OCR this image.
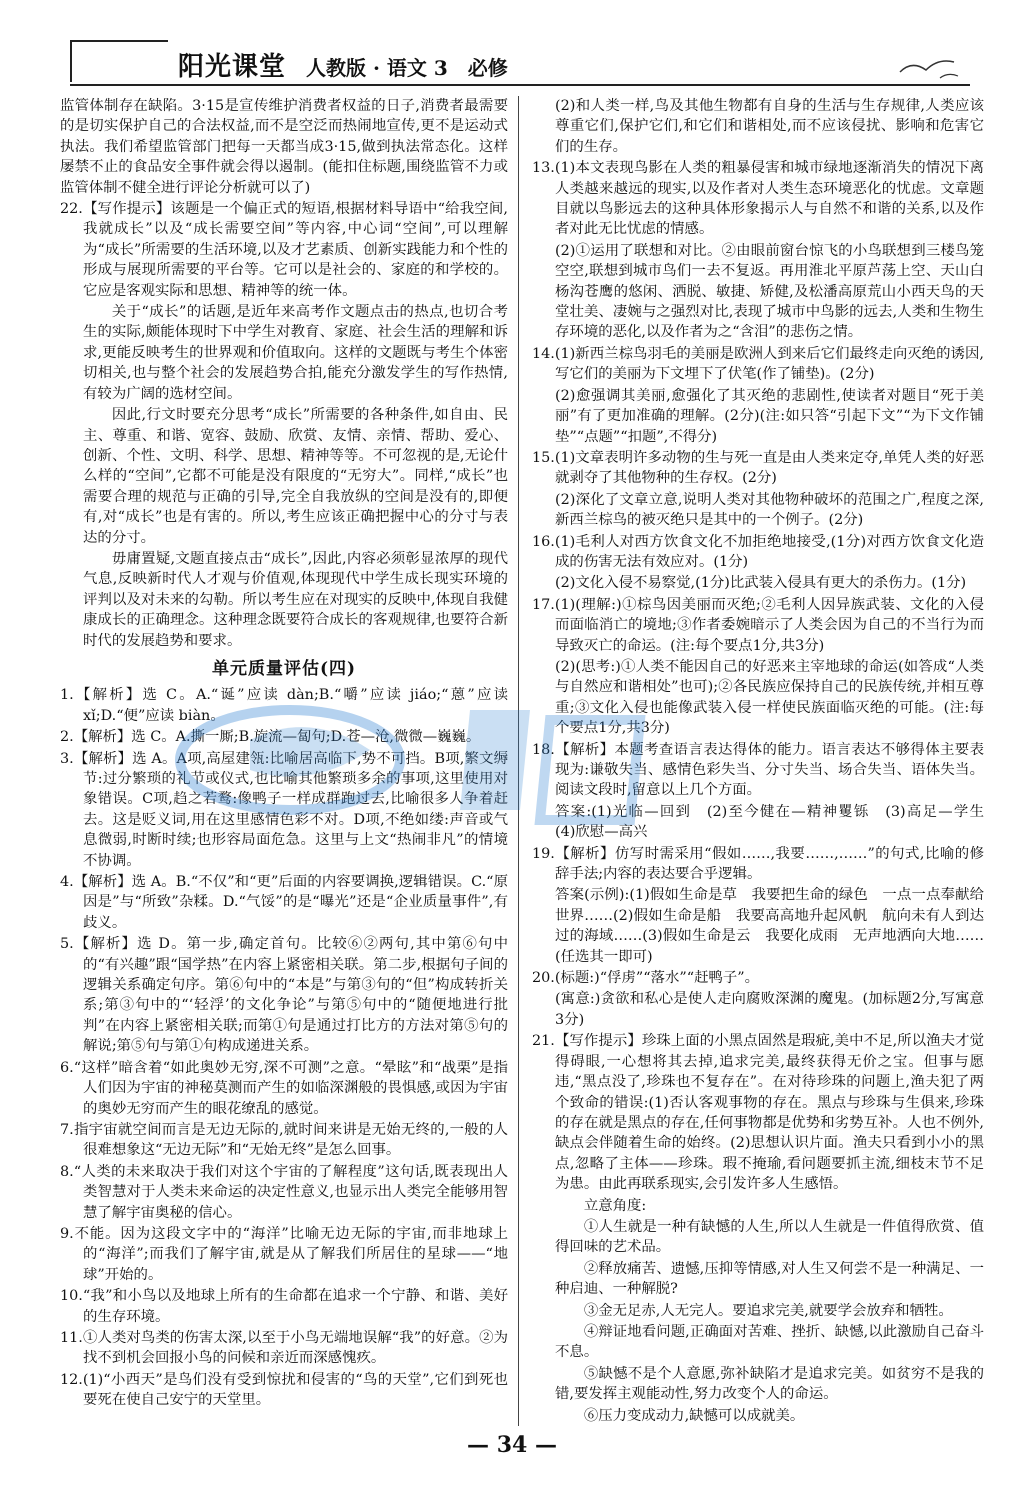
阳光课堂 人教版 · 语文 3　必修
监管体制存在缺陷。3·15是宣传维护消费者权益的日子,消费者最需要的是切实保护自己的合法权益,而不是空泛而热闹地宣传,更不是运动式执法。我们希望监管部门把每一天都当成3·15,做到执法常态化。这样屡禁不止的食品安全事件就会得以遏制。(能扣住标题,围绕监管不力或监管体制不健全进行评论分析就可以了)
22.【写作提示】该题是一个偏正式的短语,根据材料导语中“给我空间,我就成长”以及“成长需要空间”等内容,中心词“空间”,可以理解为“成长”所需要的生活环境,以及才艺素质、创新实践能力和个性的形成与展现所需要的平台等。它可以是社会的、家庭的和学校的。它应是客观实际和思想、精神等的统一体。
关于“成长”的话题,是近年来高考作文题点击的热点,也切合考生的实际,颇能体现时下中学生对教育、家庭、社会生活的理解和诉求,更能反映考生的世界观和价值取向。这样的文题既与考生个体密切相关,也与整个社会的发展趋势合拍,能充分激发学生的写作热情,有较为广阔的选材空间。
因此,行文时要充分思考“成长”所需要的各种条件,如自由、民主、尊重、和谐、宽容、鼓励、欣赏、友情、亲情、帮助、爱心、创新、个性、文明、科学、思想、精神等等。不可忽视的是,无论什么样的“空间”,它都不可能是没有限度的“无穷大”。同样,“成长”也需要合理的规范与正确的引导,完全自我放纵的空间是没有的,即便有,对“成长”也是有害的。所以,考生应该正确把握中心的分寸与表达的分寸。
毋庸置疑,文题直接点击“成长”,因此,内容必须彰显浓厚的现代气息,反映新时代人才观与价值观,体现现代中学生成长现实环境的评判以及对未来的勾勒。所以考生应在对现实的反映中,体现自我健康成长的正确理念。这种理念既要符合成长的客观规律,也要符合新时代的发展趋势和要求。
单元质量评估(四)
1.【解析】选 C。A.“诞”应读 dàn;B.“嚼”应读 jiáo;“蒽”应读 xǐ;D.“便”应读 biàn。
2.【解析】选 C。A.撕一厮;B.旋流—匐句;D.苍—沧,微微—巍巍。
3.【解析】选 A。A项,高屋建瓴:比喻居高临下,势不可挡。B项,繁文缛节:过分繁琐的礼节或仪式,也比喻其他繁琐多余的事项,这里使用对象错误。C项,趋之若鹜:像鸭子一样成群跑过去,比喻很多人争着赶去。这是贬义词,用在这里感情色彩不对。D项,不绝如缕:声音或气息微弱,时断时续;也形容局面危急。这里与上文“热闹非凡”的情境不协调。
4.【解析】选 A。B.“不仅”和“更”后面的内容要调换,逻辑错误。C.“原因是”与“所致”杂糅。D.“气馁”的是“曝光”还是“企业质量事件”,有歧义。
5.【解析】选 D。第一步,确定首句。比较⑥②两句,其中第⑥句中的“有兴趣”跟“国学热”在内容上紧密相关联。第二步,根据句子间的逻辑关系确定句序。第⑥句中的“本是”与第③句的“但”构成转折关系;第③句中的“‘轻浮’的文化争论”与第⑤句中的“随便地进行批判”在内容上紧密相关联;而第①句是通过打比方的方法对第⑤句的解说;第⑤句与第①句构成递进关系。
6.“这样”暗含着“如此奥妙无穷,深不可测”之意。“晕眩”和“战栗”是指人们因为宇宙的神秘莫测而产生的如临深渊般的畏惧感,或因为宇宙的奥妙无穷而产生的眼花缭乱的感觉。
7.指宇宙就空间而言是无边无际的,就时间来讲是无始无终的,一般的人很难想象这“无边无际”和“无始无终”是怎么回事。
8.“人类的未来取决于我们对这个宇宙的了解程度”这句话,既表现出人类智慧对于人类未来命运的决定性意义,也显示出人类完全能够用智慧了解宇宙奥秘的信心。
9.不能。因为这段文字中的“海洋”比喻无边无际的宇宙,而非地球上的“海洋”;而我们了解宇宙,就是从了解我们所居住的星球——“地球”开始的。
10.“我”和小鸟以及地球上所有的生命都在追求一个宁静、和谐、美好的生存环境。
11.①人类对鸟类的伤害太深,以至于小鸟无端地误解“我”的好意。②为找不到机会回报小鸟的问候和亲近而深感愧疚。
12.(1)“小西天”是鸟们没有受到惊扰和侵害的“鸟的天堂”,它们到死也要死在使自己安宁的天堂里。
(2)和人类一样,鸟及其他生物都有自身的生活与生存规律,人类应该尊重它们,保护它们,和它们和谐相处,而不应该侵扰、影响和危害它们的生存。
13.(1)本文表现鸟影在人类的粗暴侵害和城市绿地逐渐消失的情况下离人类越来越远的现实,以及作者对人类生态环境恶化的忧虑。文章题目就以鸟影远去的这种具体形象揭示人与自然不和谐的关系,以及作者对此无比忧虑的情感。
(2)①运用了联想和对比。②由眼前窗台惊飞的小鸟联想到三楼鸟笼空空,联想到城市鸟们一去不复返。再用淮北平原芦荡上空、天山白杨沟苍鹰的悠闲、洒脱、敏捷、矫健,及松潘高原荒山小西天鸟的天堂壮美、凄婉与之强烈对比,表现了城市中鸟影的远去,人类和生物生存环境的恶化,以及作者为之“含泪”的悲伤之情。
14.(1)新西兰棕鸟羽毛的美丽是欧洲人到来后它们最终走向灭绝的诱因,写它们的美丽为下文埋下了伏笔(作了铺垫)。(2分)
(2)愈强调其美丽,愈强化了其灭绝的悲剧性,使读者对题目“死于美丽”有了更加准确的理解。(2分)(注:如只答“引起下文”“为下文作铺垫”“点题”“扣题”,不得分)
15.(1)文章表明许多动物的生与死一直是由人类来定夺,单凭人类的好恶就剥夺了其他物种的生存权。(2分)
(2)深化了文章立意,说明人类对其他物种破坏的范围之广,程度之深,新西兰棕鸟的被灭绝只是其中的一个例子。(2分)
16.(1)毛利人对西方饮食文化不加拒绝地接受,(1分)对西方饮食文化造成的伤害无法有效应对。(1分)
(2)文化入侵不易察觉,(1分)比武装入侵具有更大的杀伤力。(1分)
17.(1)(理解:)①棕鸟因美丽而灭绝;②毛利人因异族武装、文化的入侵而面临消亡的境地;③作者委婉暗示了人类会因为自己的不当行为而导致灭亡的命运。(注:每个要点1分,共3分)
(2)(思考:)①人类不能因自己的好恶来主宰地球的命运(如答成“人类与自然应和谐相处”也可);②各民族应保持自己的民族传统,并相互尊重;③文化入侵也能像武装入侵一样使民族面临灭绝的可能。(注:每个要点1分,共3分)
18.【解析】本题考查语言表达得体的能力。语言表达不够得体主要表现为:谦敬失当、感情色彩失当、分寸失当、场合失当、语体失当。阅读文段时,留意以上几个方面。
答案:(1)光临—回到　(2)至今健在—精神矍铄　(3)高足—学生　(4)欣慰—高兴
19.【解析】仿写时需采用“假如……,我要……,……”的句式,比喻的修辞手法;内容的表达要合乎逻辑。
答案(示例):(1)假如生命是草　我要把生命的绿色　一点一点奉献给世界……(2)假如生命是船　我要高高地升起风帆　航向未有人到达过的海域……(3)假如生命是云　我要化成雨　无声地洒向大地……(任选其一即可)
20.(标题:)“俘虏”“落水”“赶鸭子”。
(寓意:)贪欲和私心是使人走向腐败深渊的魔鬼。(加标题2分,写寓意3分)
21.【写作提示】珍珠上面的小黑点固然是瑕疵,美中不足,所以渔夫才觉得碍眼,一心想将其去掉,追求完美,最终获得无价之宝。但事与愿违,“黑点没了,珍珠也不复存在”。在对待珍珠的问题上,渔夫犯了两个致命的错误:(1)否认客观事物的存在。黑点与珍珠与生俱来,珍珠的存在就是黑点的存在,任何事物都是优势和劣势互补。人也不例外,缺点会伴随着生命的始终。(2)思想认识片面。渔夫只看到小小的黑点,忽略了主体——珍珠。瑕不掩瑜,看问题要抓主流,细枝末节不足为患。由此再联系现实,会引发许多人生感悟。
立意角度:
①人生就是一种有缺憾的人生,所以人生就是一件值得欣赏、值得回味的艺术品。
②释放痛苦、遗憾,压抑等情感,对人生又何尝不是一种满足、一种启迪、一种解脱?
③金无足赤,人无完人。要追求完美,就要学会放弃和牺牲。
④辩证地看问题,正确面对苦难、挫折、缺憾,以此激励自己奋斗不息。
⑤缺憾不是个人意愿,弥补缺陷才是追求完美。如贫穷不是我的错,要发挥主观能动性,努力改变个人的命运。
⑥压力变成动力,缺憾可以成就美。
— 34 —
